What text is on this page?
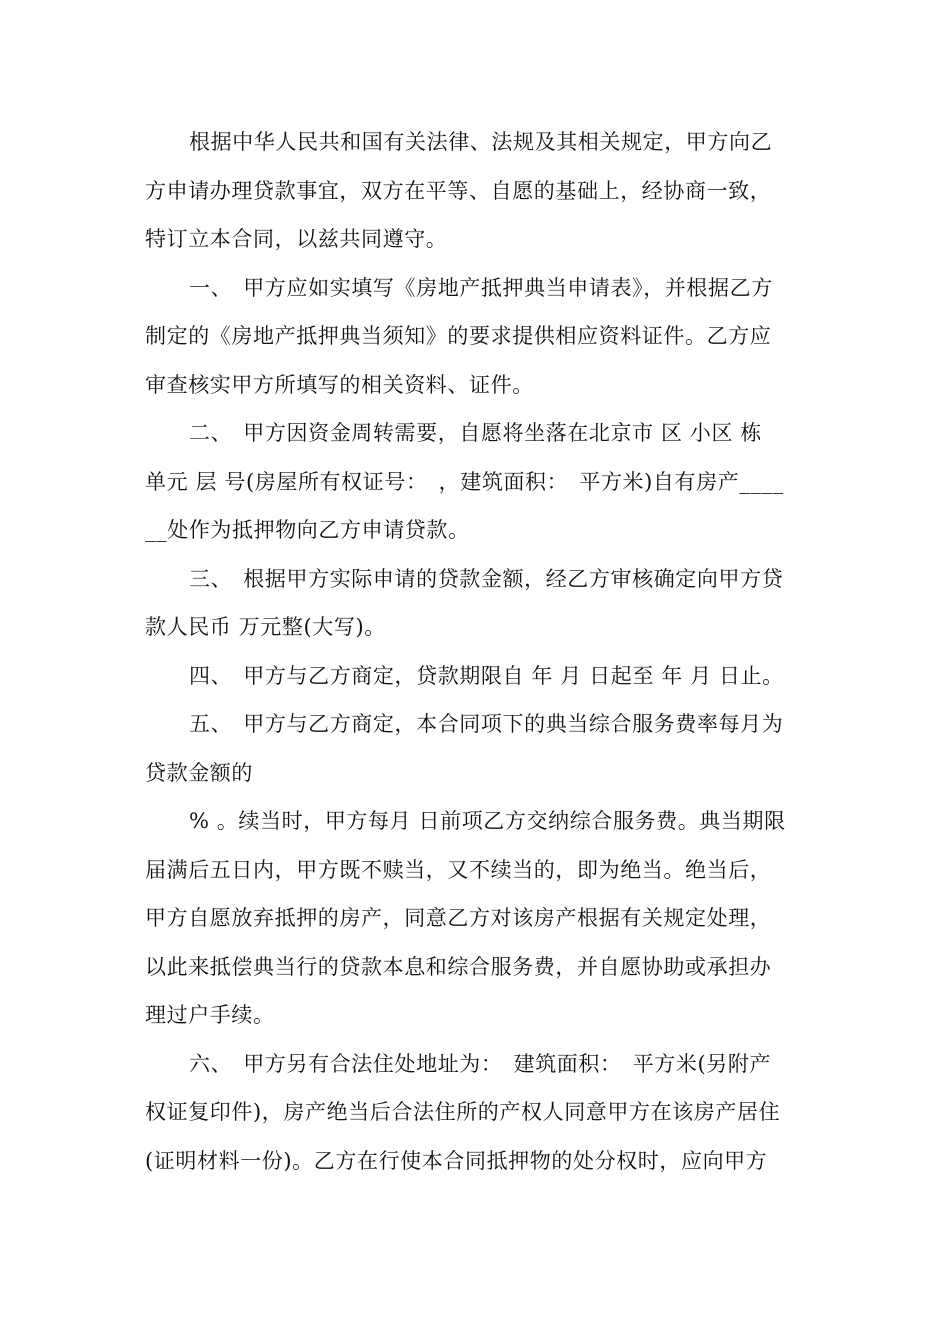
根据中华人民共和国有关法律、法规及其相关规定，甲方向乙
方申请办理贷款事宜，双方在平等、自愿的基础上，经协商一致，
特订立本合同，以兹共同遵守。
一、　甲方应如实填写《房地产抵押典当申请表》，并根据乙方
制定的《房地产抵押典当须知》的要求提供相应资料证件。乙方应
审查核实甲方所填写的相关资料、证件。
二、　甲方因资金周转需要，自愿将坐落在北京市 区 小区 栋
单元 层 号(房屋所有权证号：　，建筑面积：　平方米)自有房产____
__处作为抵押物向乙方申请贷款。
三、　根据甲方实际申请的贷款金额，经乙方审核确定向甲方贷
款人民币 万元整(大写)。
四、　甲方与乙方商定，贷款期限自 年 月 日起至 年 月 日止。
五、　甲方与乙方商定，本合同项下的典当综合服务费率每月为
贷款金额的
% 。续当时，甲方每月 日前项乙方交纳综合服务费。典当期限
届满后五日内，甲方既不赎当，又不续当的，即为绝当。绝当后，
甲方自愿放弃抵押的房产，同意乙方对该房产根据有关规定处理，
以此来抵偿典当行的贷款本息和综合服务费，并自愿协助或承担办
理过户手续。
六、　甲方另有合法住处地址为：　建筑面积：　平方米(另附产
权证复印件)，房产绝当后合法住所的产权人同意甲方在该房产居住
(证明材料一份)。乙方在行使本合同抵押物的处分权时，应向甲方
